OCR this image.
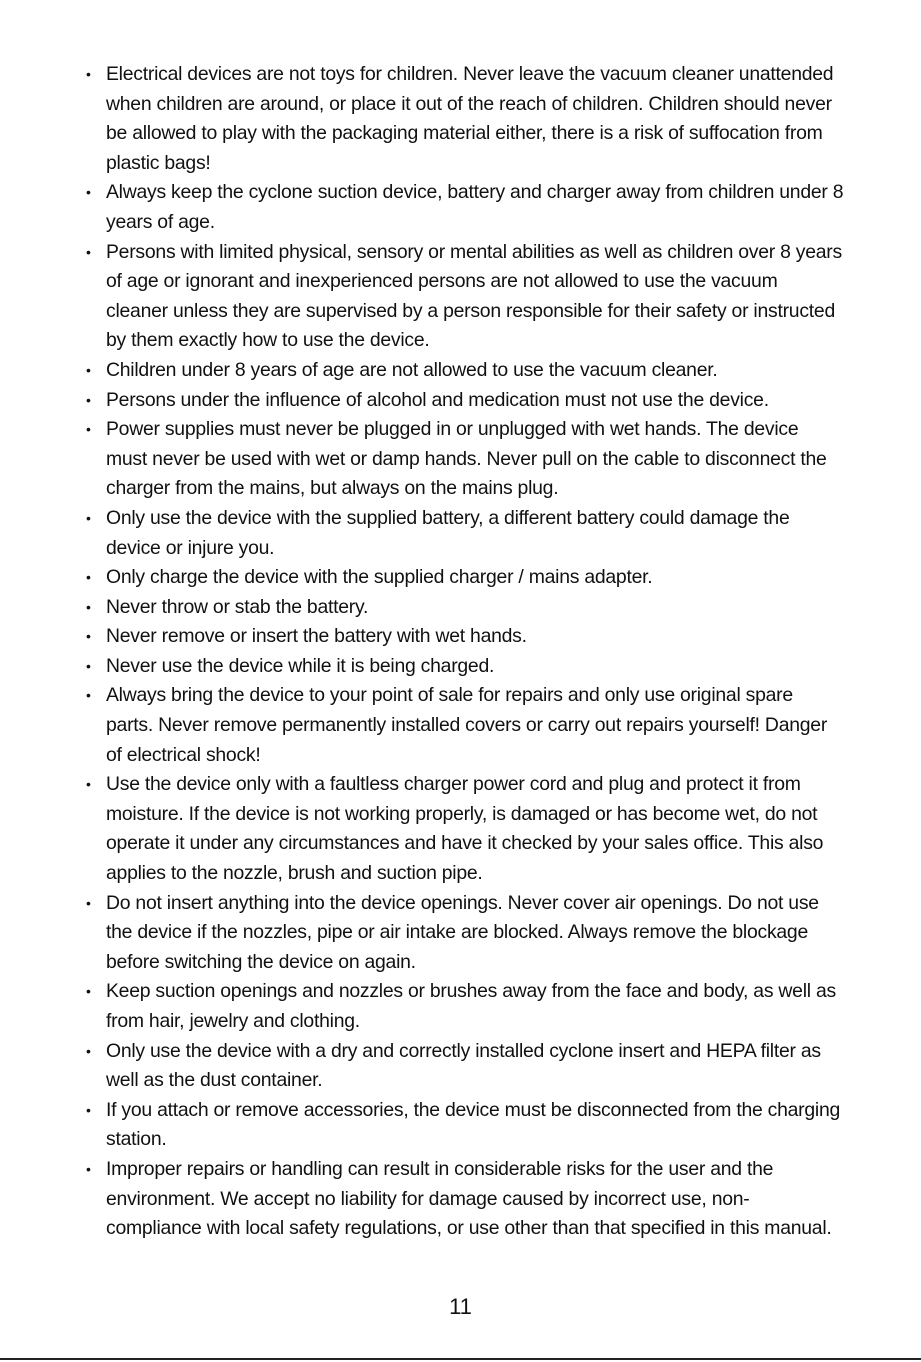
• Electrical devices are not toys for children. Never leave the vacuum cleaner unattended when children are around, or place it out of the reach of children. Children should never be allowed to play with the packaging material either, there is a risk of suffocation from plastic bags!
• Always keep the cyclone suction device, battery and charger away from children under 8 years of age.
• Persons with limited physical, sensory or mental abilities as well as children over 8 years of age or ignorant and inexperienced persons are not allowed to use the vacuum cleaner unless they are supervised by a person responsible for their safety or instructed by them exactly how to use the device.
• Children under 8 years of age are not allowed to use the vacuum cleaner.
• Persons under the influence of alcohol and medication must not use the device.
• Power supplies must never be plugged in or unplugged with wet hands. The device must never be used with wet or damp hands. Never pull on the cable to disconnect the charger from the mains, but always on the mains plug.
• Only use the device with the supplied battery, a different battery could damage the device or injure you.
• Only charge the device with the supplied charger / mains adapter.
• Never throw or stab the battery.
• Never remove or insert the battery with wet hands.
• Never use the device while it is being charged.
• Always bring the device to your point of sale for repairs and only use original spare parts. Never remove permanently installed covers or carry out repairs yourself! Danger of electrical shock!
• Use the device only with a faultless charger power cord and plug and protect it from moisture. If the device is not working properly, is damaged or has become wet, do not operate it under any circumstances and have it checked by your sales office. This also applies to the nozzle, brush and suction pipe.
• Do not insert anything into the device openings. Never cover air openings. Do not use the device if the nozzles, pipe or air intake are blocked. Always remove the blockage before switching the device on again.
• Keep suction openings and nozzles or brushes away from the face and body, as well as from hair, jewelry and clothing.
• Only use the device with a dry and correctly installed cyclone insert and HEPA filter as well as the dust container.
• If you attach or remove accessories, the device must be disconnected from the charging station.
• Improper repairs or handling can result in considerable risks for the user and the environment. We accept no liability for damage caused by incorrect use, non-compliance with local safety regulations, or use other than that specified in this manual.
11
